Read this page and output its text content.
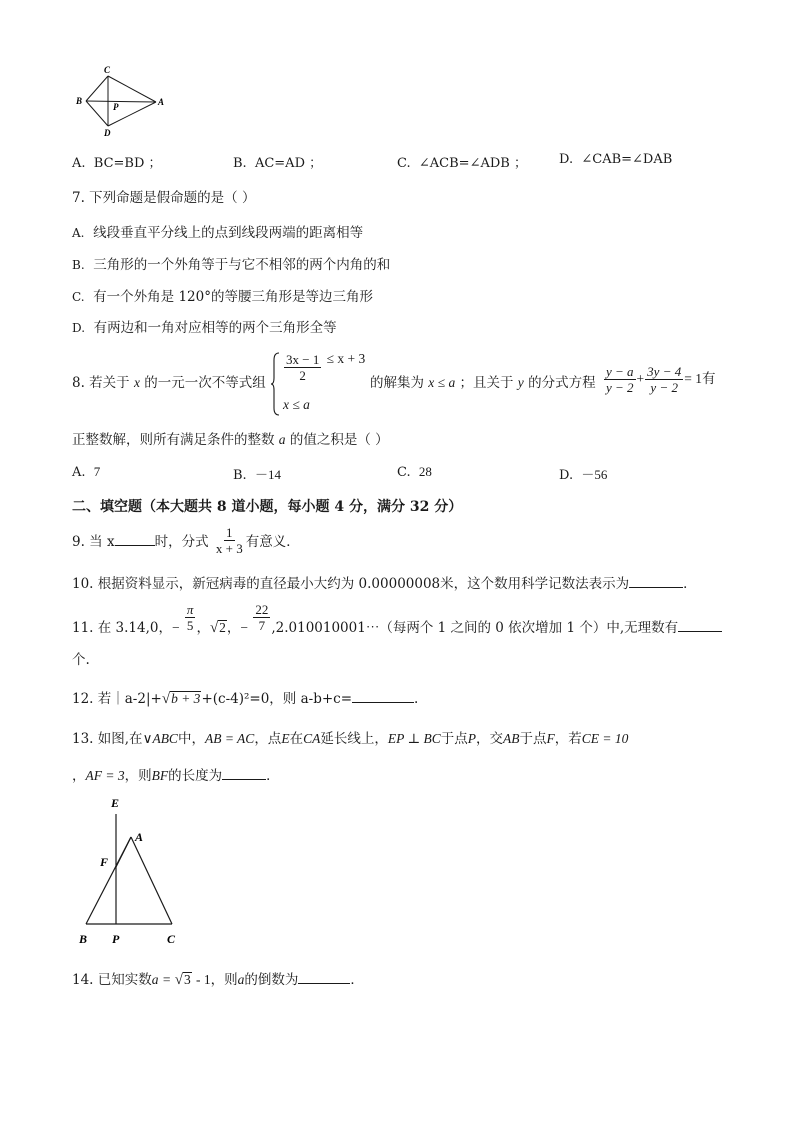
C
B
P	A
D
A. BC=BD ；	B. AC=AD ；	C. ∠ACB=∠ADB ； D. ∠CAB=∠DAB
7. 下列命题是假命题的是（ ）
A. 线段垂直平分线上的点到线段两端的距离相等
B. 三角形的一个外角等于与它不相邻的两个内角的和
C. 有一个外角是 120°的等腰三角形是等边三角形
D. 有两边和一角对应相等的两个三角形全等
8. 若关于 x 的一元一次不等式组 $\frac{3x - 1}{2} \le x + 3$
x ≤ a
的解集为 x ≤ a ；且关于 y 的分式方程 $\frac{y - a}{y - 2} + \frac{3y - 4}{y - 2} = 1$有
正整数解，则所有满足条件的整数 a 的值之积是（ ）
A. 7	B. －14	C. 28	D. －56
二、填空题（本大题共 8 道小题，每小题 4 分，满分 32 分）
9. 当 x	时，分式 $\frac{1}{x + 3}$ 有意义．
10. 根据资料显示，新冠病毒的直径最小大约为 0.00000008米，这个数用科学记数法表示为	．
11. 在 3.14,0，− $\frac{\pi}{5}$ ，√2，− $\frac{22}{7}$ ,2.010010001⋯（每两个 1 之间的 0 依次增加 1 个）中,无理数有
个.
12. 若｜a-2|+√b + 3+(c-4)²=0，则 a-b+c=	.
13. 如图,在∨ABC中，AB = AC，点E在CA延长线上，EP ⊥ BC于点P，交AB于点F，若CE = 10
，AF = 3，则BF的长度为	．
E
A
F
B P	C
14. 已知实数a = √3 - 1，则a的倒数为	．
